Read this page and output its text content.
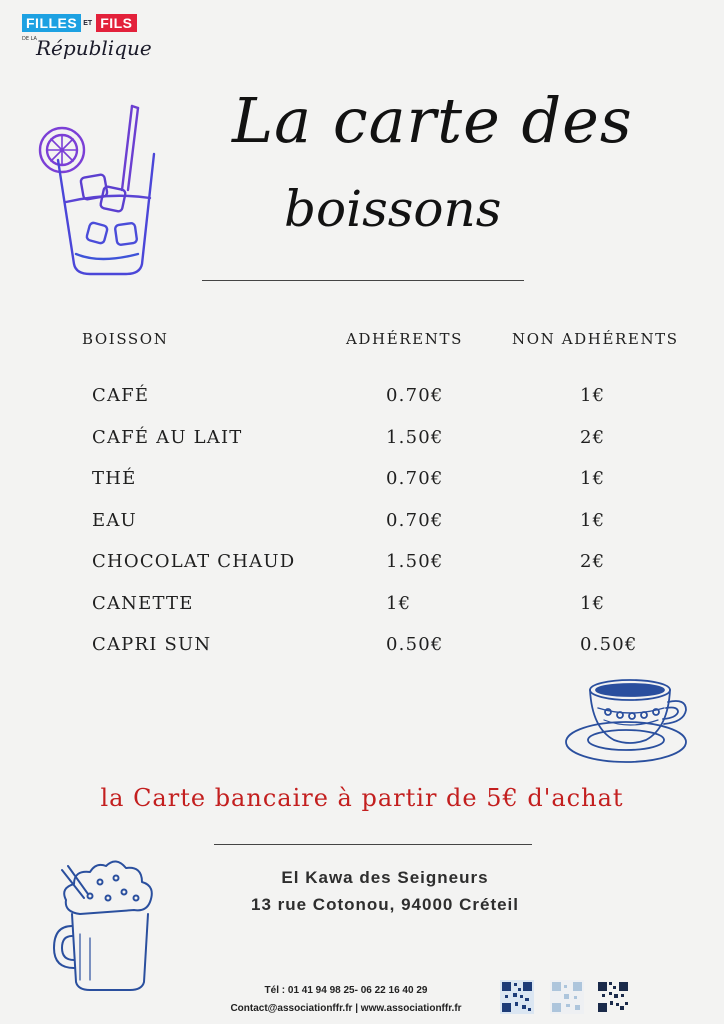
FILLES ET FILS
DE LA République
La carte des
boissons
BOISSON	ADHÉRENTS	NON ADHÉRENTS
CAFÉ	0.70€	1€
CAFÉ AU LAIT	1.50€	2€
THÉ	0.70€	1€
EAU	0.70€	1€
CHOCOLAT CHAUD	1.50€	2€
CANETTE	1€	1€
CAPRI SUN	0.50€	0.50€
la Carte bancaire à partir de 5€ d'achat
El Kawa des Seigneurs
13 rue Cotonou, 94000 Créteil
Tél : 01 41 94 98 25- 06 22 16 40 29
Contact@associationffr.fr | www.associationffr.fr
